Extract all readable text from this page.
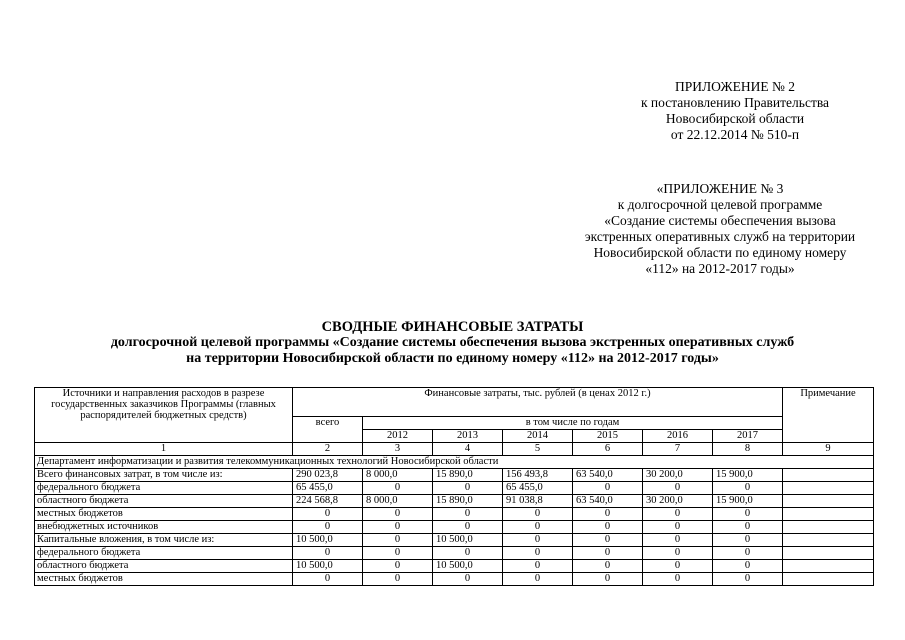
ПРИЛОЖЕНИЕ № 2
к постановлению Правительства
Новосибирской области
от 22.12.2014 № 510-п
«ПРИЛОЖЕНИЕ № 3
к долгосрочной целевой программе
«Создание системы обеспечения вызова
экстренных оперативных служб на территории
Новосибирской области по единому номеру
«112» на 2012-2017 годы»
СВОДНЫЕ ФИНАНСОВЫЕ ЗАТРАТЫ
долгосрочной целевой программы «Создание системы обеспечения вызова экстренных оперативных служб
на территории Новосибирской области по единому номеру «112» на 2012-2017 годы»
Источники и направления расходов в разрезе государственных заказчиков Программы (главных распорядителей бюджетных средств)	Финансовые затраты, тыс. рублей (в ценах 2012 г.)							Примечание
	всего	в том числе по годам						
		2012	2013	2014	2015	2016	2017	
1	2	3	4	5	6	7	8	9
Департамент информатизации и развития телекоммуникационных технологий Новосибирской области								
Всего финансовых затрат, в том числе из:	290 023,8	8 000,0	15 890,0	156 493,8	63 540,0	30 200,0	15 900,0	
федерального бюджета	65 455,0	0	0	65 455,0	0	0	0	
областного бюджета	224 568,8	8 000,0	15 890,0	91 038,8	63 540,0	30 200,0	15 900,0	
местных бюджетов	0	0	0	0	0	0	0	
внебюджетных источников	0	0	0	0	0	0	0	
Капитальные вложения, в том числе из:	10 500,0	0	10 500,0	0	0	0	0	
федерального бюджета	0	0	0	0	0	0	0	
областного бюджета	10 500,0	0	10 500,0	0	0	0	0	
местных бюджетов	0	0	0	0	0	0	0	
